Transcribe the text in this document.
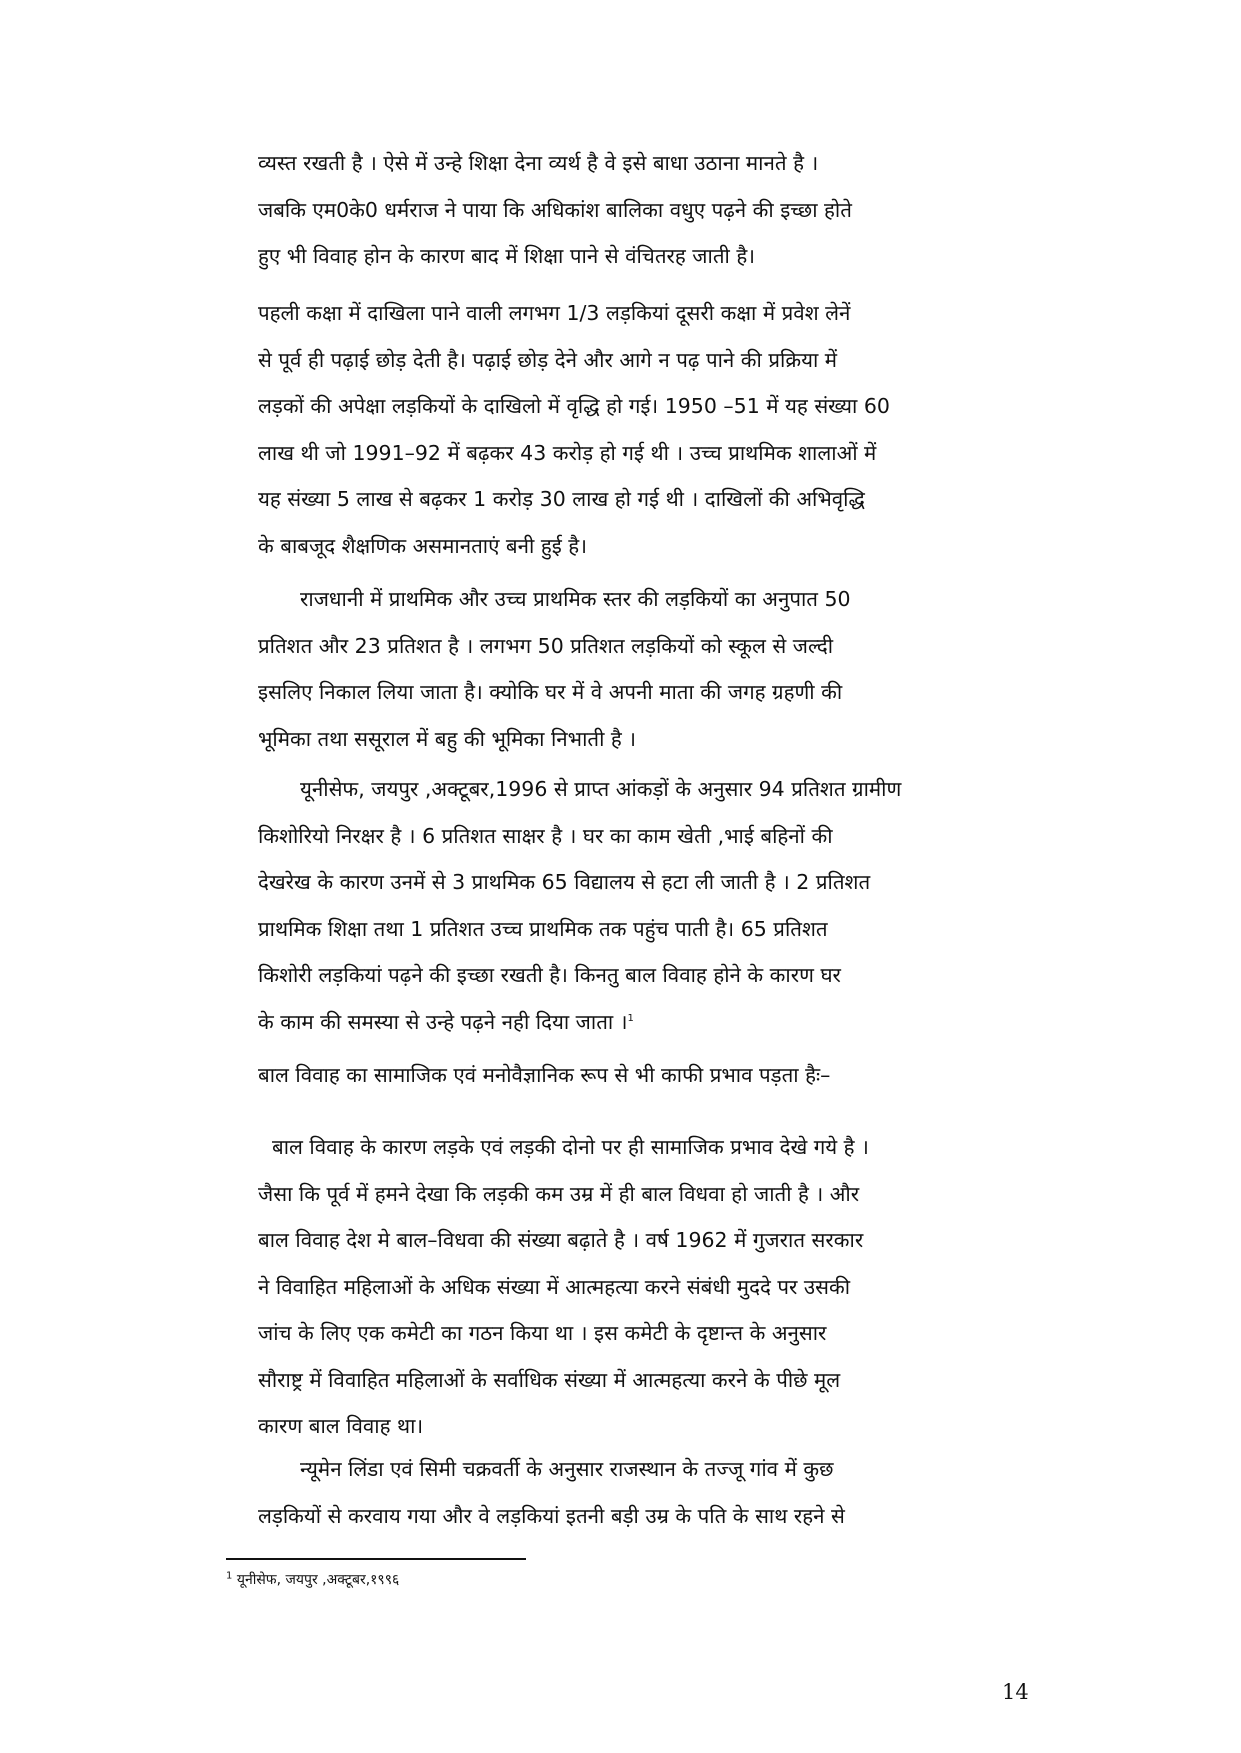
व्यस्त रखती है । ऐसे में उन्हे शिक्षा देना व्यर्थ है वे इसे बाधा उठाना मानते है ।
जबकि एम0के0 धर्मराज ने पाया कि अधिकांश बालिका वधुए पढ़ने की इच्छा होते
हुए भी विवाह होन के कारण बाद में शिक्षा पाने से वंचितरह जाती है।
पहली कक्षा में दाखिला पाने वाली लगभग 1/3 लड़कियां दूसरी कक्षा में प्रवेश लेनें
से पूर्व ही पढ़ाई छोड़ देती है। पढ़ाई छोड़ देने और आगे न पढ़ पाने की प्रक्रिया में
लड़कों की अपेक्षा लड़कियों के दाखिलो में वृद्धि हो गई। 1950 –51 में यह संख्या 60
लाख थी जो 1991–92 में बढ़कर 43 करोड़ हो गई थी । उच्च प्राथमिक शालाओं में
यह संख्या 5 लाख से बढ़कर 1 करोड़ 30 लाख हो गई थी । दाखिलों की अभिवृद्धि
के बाबजूद शैक्षणिक असमानताएं बनी हुई है।
राजधानी में प्राथमिक और उच्च प्राथमिक स्तर की लड़कियों का अनुपात 50
प्रतिशत और 23 प्रतिशत है । लगभग 50 प्रतिशत लड़कियों को स्कूल से जल्दी
इसलिए निकाल लिया जाता है। क्योकि घर में वे अपनी माता की जगह ग्रहणी की
भूमिका तथा ससूराल में बहु की भूमिका निभाती है ।
यूनीसेफ, जयपुर ,अक्टूबर,1996 से प्राप्त आंकड़ों के अनुसार 94 प्रतिशत ग्रामीण
किशोरियो निरक्षर है । 6 प्रतिशत साक्षर है । घर का काम खेती ,भाई बहिनों की
देखरेख के कारण उनमें से 3 प्राथमिक 65 विद्यालय से हटा ली जाती है । 2 प्रतिशत
प्राथमिक शिक्षा तथा 1 प्रतिशत उच्च प्राथमिक तक पहुंच पाती है। 65 प्रतिशत
किशोरी लड़कियां पढ़ने की इच्छा रखती है। किनतु बाल विवाह होने के कारण घर
के काम की समस्या से उन्हे पढ़ने नही दिया जाता ।$^1$
बाल विवाह का सामाजिक एवं मनोवैज्ञानिक रूप से भी काफी प्रभाव पड़ता हैः–
बाल विवाह के कारण लड़के एवं लड़की दोनो पर ही सामाजिक प्रभाव देखे गये है ।
जैसा कि पूर्व में हमने देखा कि लड़की कम उम्र में ही बाल विधवा हो जाती है । और
बाल विवाह देश मे बाल–विधवा की संख्या बढ़ाते है । वर्ष 1962 में गुजरात सरकार
ने विवाहित महिलाओं के अधिक संख्या में आत्महत्या करने संबंधी मुददे पर उसकी
जांच के लिए एक कमेटी का गठन किया था । इस कमेटी के दृष्टान्त के अनुसार
सौराष्ट्र में विवाहित महिलाओं के सर्वाधिक संख्या में आत्महत्या करने के पीछे मूल
कारण बाल विवाह था।
न्यूमेन लिंडा एवं सिमी चक्रवर्ती के अनुसार राजस्थान के तज्जू गांव में कुछ
लड़कियों से करवाय गया और वे लड़कियां इतनी बड़ी उम्र के पति के साथ रहने से
$^1$ यूनीसेफ, जयपुर ,अक्टूबर,१९९६
14
